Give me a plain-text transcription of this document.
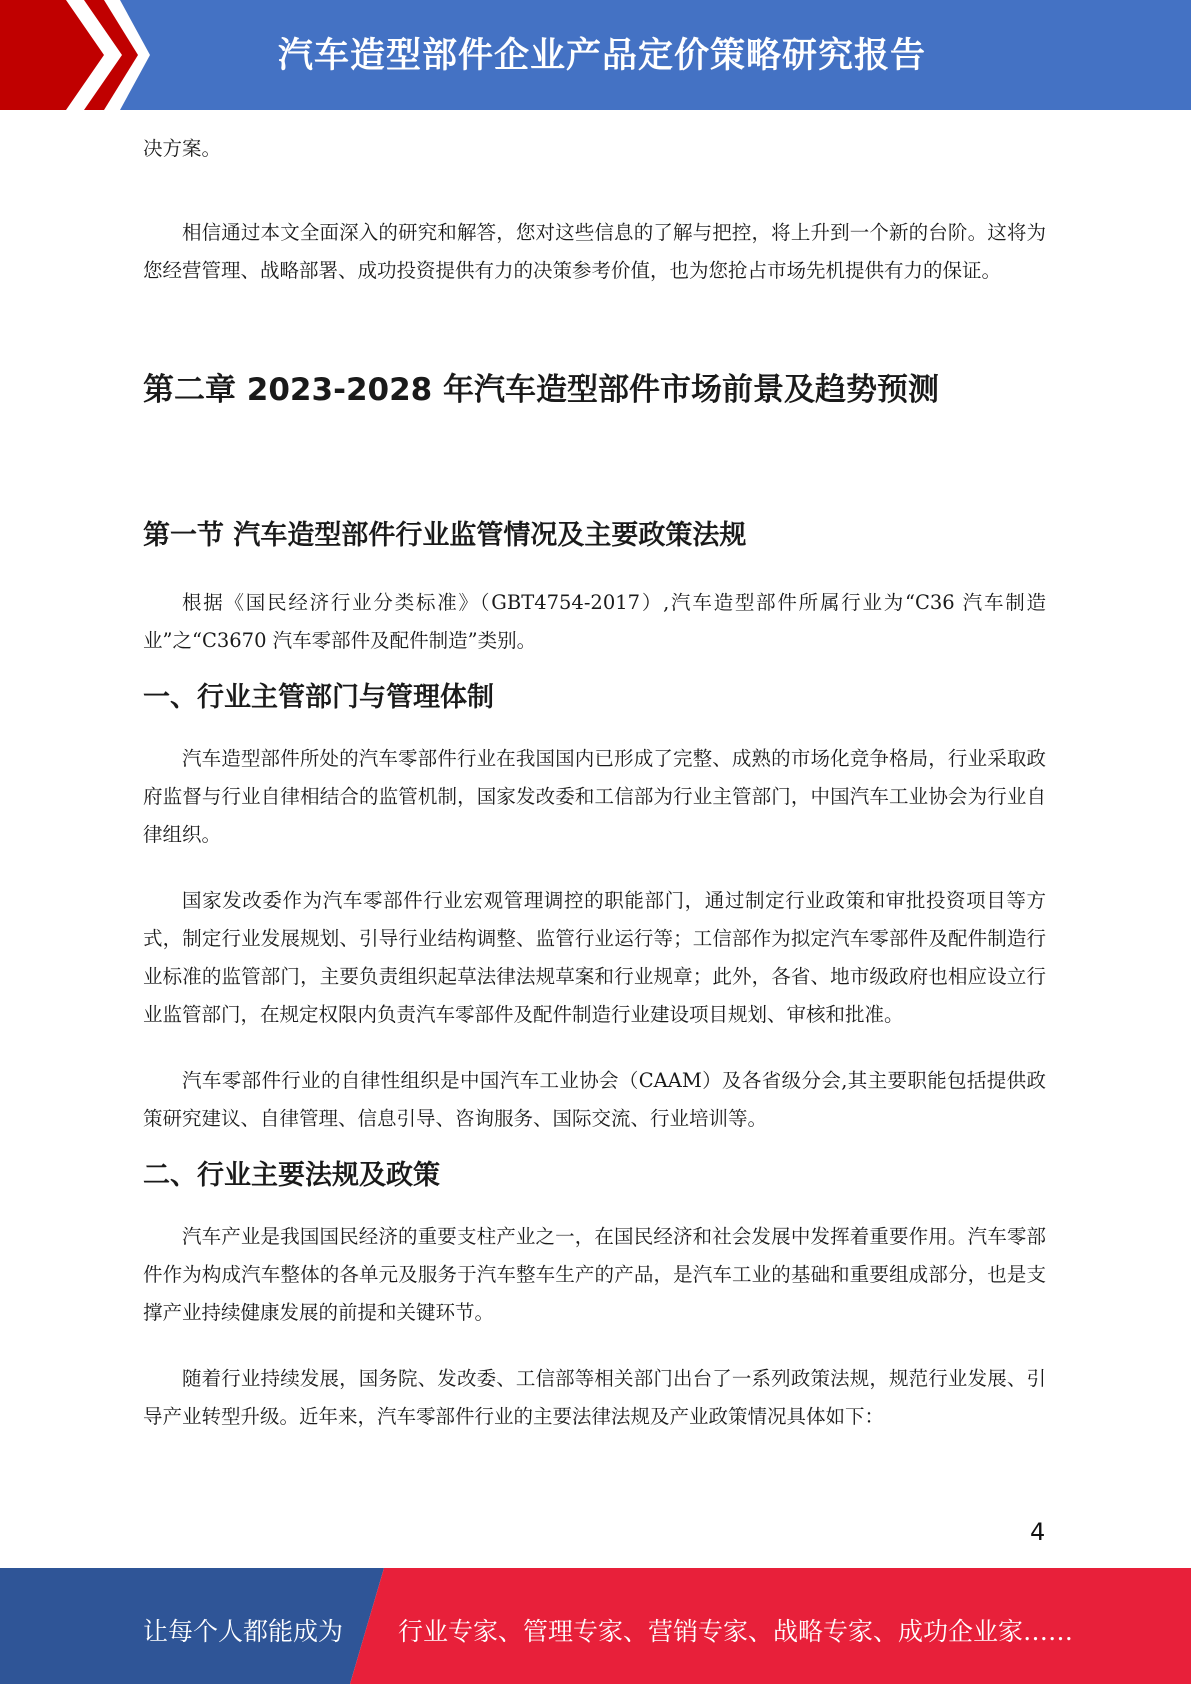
汽车造型部件企业产品定价策略研究报告

决方案。

相信通过本文全面深入的研究和解答，您对这些信息的了解与把控，将上升到一个新的台阶。这将为您经营管理、战略部署、成功投资提供有力的决策参考价值，也为您抢占市场先机提供有力的保证。

第二章 2023-2028 年汽车造型部件市场前景及趋势预测
第一节 汽车造型部件行业监管情况及主要政策法规

根据《国民经济行业分类标准》（GBT4754-2017）,汽车造型部件所属行业为“C36 汽车制造业”之“C3670 汽车零部件及配件制造”类别。

一、行业主管部门与管理体制

汽车造型部件所处的汽车零部件行业在我国国内已形成了完整、成熟的市场化竞争格局，行业采取政府监督与行业自律相结合的监管机制，国家发改委和工信部为行业主管部门，中国汽车工业协会为行业自律组织。

国家发改委作为汽车零部件行业宏观管理调控的职能部门，通过制定行业政策和审批投资项目等方式，制定行业发展规划、引导行业结构调整、监管行业运行等；工信部作为拟定汽车零部件及配件制造行业标准的监管部门，主要负责组织起草法律法规草案和行业规章；此外，各省、地市级政府也相应设立行业监管部门，在规定权限内负责汽车零部件及配件制造行业建设项目规划、审核和批准。

汽车零部件行业的自律性组织是中国汽车工业协会（CAAM）及各省级分会,其主要职能包括提供政策研究建议、自律管理、信息引导、咨询服务、国际交流、行业培训等。

二、行业主要法规及政策

汽车产业是我国国民经济的重要支柱产业之一，在国民经济和社会发展中发挥着重要作用。汽车零部件作为构成汽车整体的各单元及服务于汽车整车生产的产品，是汽车工业的基础和重要组成部分，也是支撑产业持续健康发展的前提和关键环节。

随着行业持续发展，国务院、发改委、工信部等相关部门出台了一系列政策法规，规范行业发展、引导产业转型升级。近年来，汽车零部件行业的主要法律法规及产业政策情况具体如下：

4
让每个人都能成为 行业专家、管理专家、营销专家、战略专家、成功企业家……
